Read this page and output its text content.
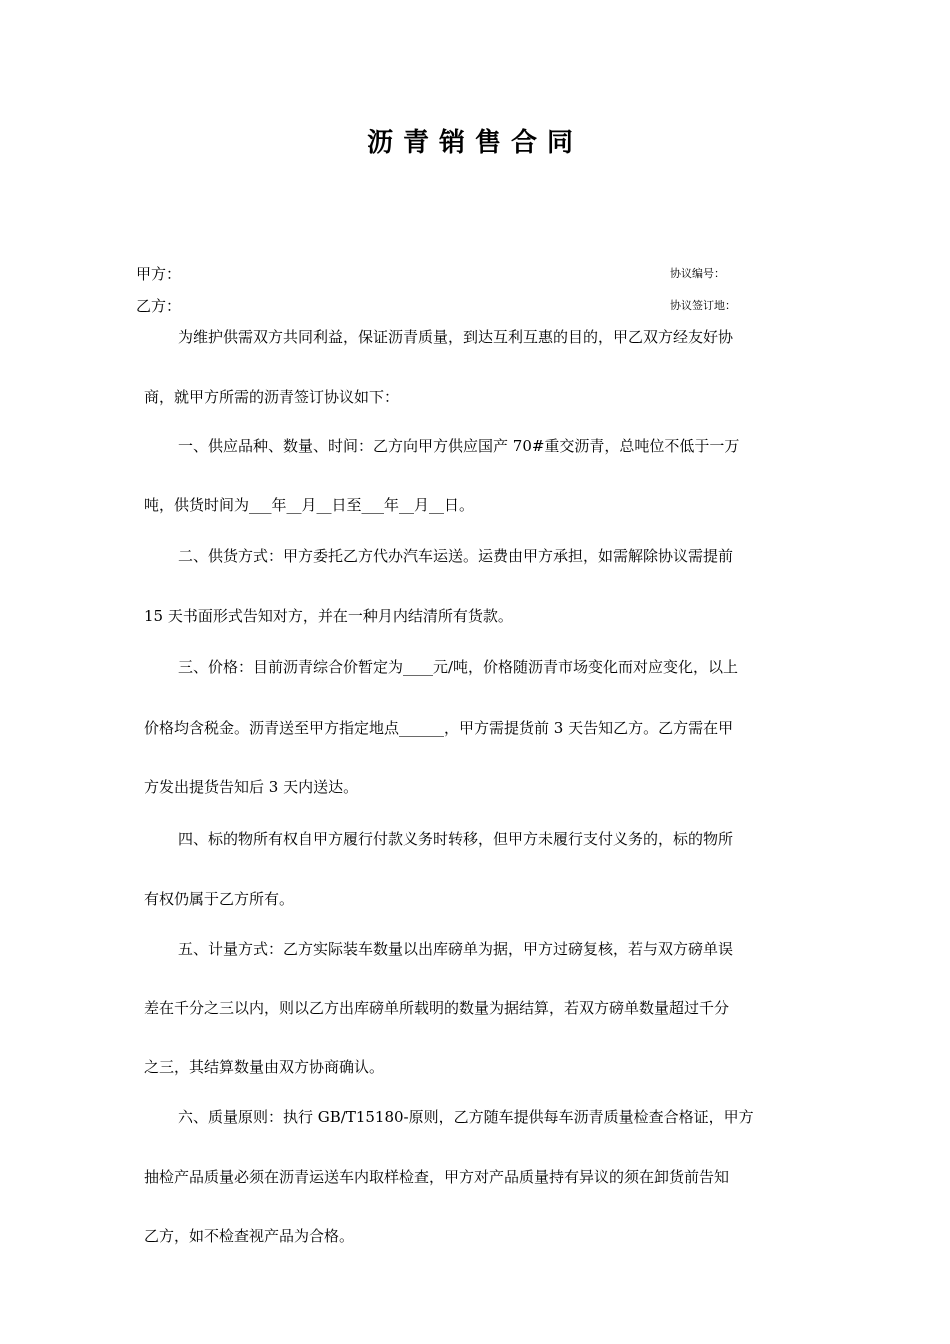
沥青销售合同
甲方：	协议编号：
乙方：	协议签订地：
为维护供需双方共同利益，保证沥青质量，到达互利互惠的目的，甲乙双方经友好协
商，就甲方所需的沥青签订协议如下：
一、供应品种、数量、时间：乙方向甲方供应国产 70#重交沥青，总吨位不低于一万
吨，供货时间为___年__月__日至___年__月__日。
二、供货方式：甲方委托乙方代办汽车运送。运费由甲方承担，如需解除协议需提前
15 天书面形式告知对方，并在一种月内结清所有货款。
三、价格：目前沥青综合价暂定为____元/吨，价格随沥青市场变化而对应变化，以上
价格均含税金。沥青送至甲方指定地点______，甲方需提货前 3 天告知乙方。乙方需在甲
方发出提货告知后 3 天内送达。
四、标的物所有权自甲方履行付款义务时转移，但甲方未履行支付义务的，标的物所
有权仍属于乙方所有。
五、计量方式：乙方实际装车数量以出库磅单为据，甲方过磅复核，若与双方磅单误
差在千分之三以内，则以乙方出库磅单所载明的数量为据结算，若双方磅单数量超过千分
之三，其结算数量由双方协商确认。
六、质量原则：执行 GB/T15180-原则，乙方随车提供每车沥青质量检查合格证，甲方
抽检产品质量必须在沥青运送车内取样检查，甲方对产品质量持有异议的须在卸货前告知
乙方，如不检查视产品为合格。
